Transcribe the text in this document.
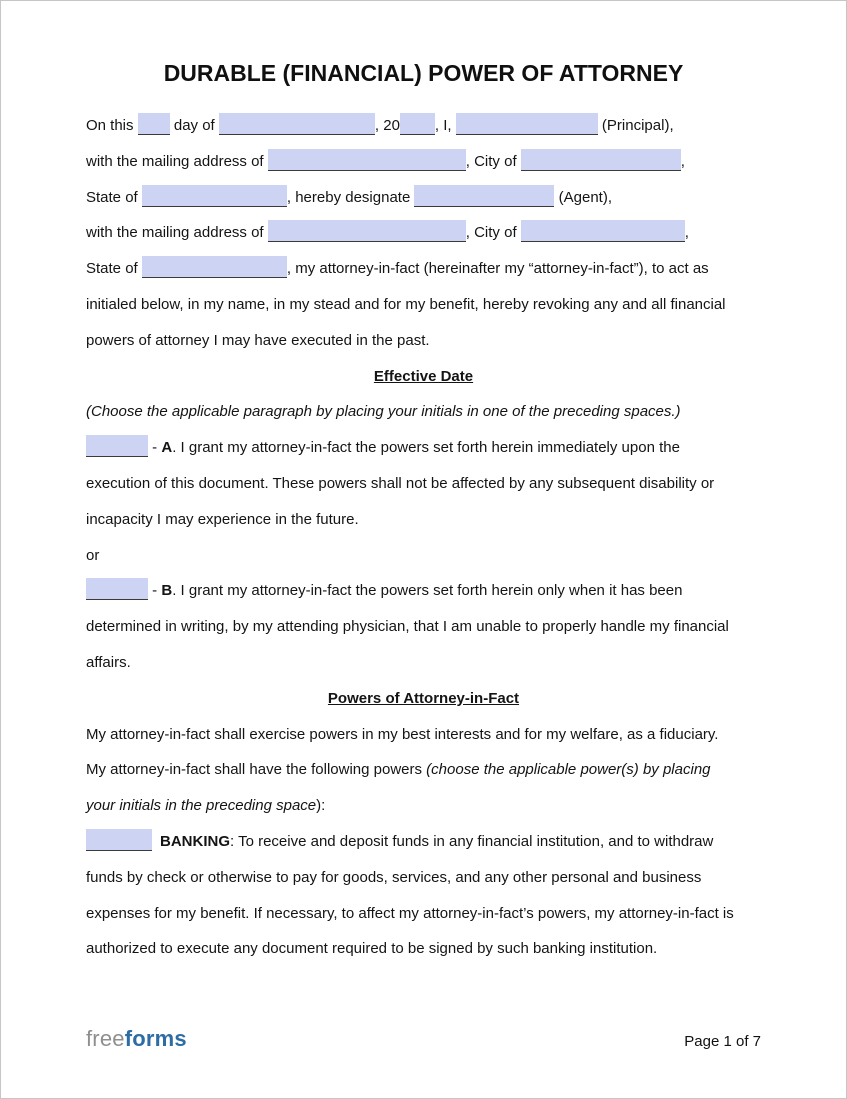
DURABLE (FINANCIAL) POWER OF ATTORNEY
On this  day of	, 20 , I,	(Principal),
with the mailing address of	, City of	,
State of	, hereby designate	(Agent),
with the mailing address of	, City of	,
State of	, my attorney-in-fact (hereinafter my “attorney-in-fact”), to act as
initialed below, in my name, in my stead and for my benefit, hereby revoking any and all financial
powers of attorney I may have executed in the past.
Effective Date
(Choose the applicable paragraph by placing your initials in one of the preceding spaces.)
- A. I grant my attorney-in-fact the powers set forth herein immediately upon the
execution of this document. These powers shall not be affected by any subsequent disability or
incapacity I may experience in the future.
or
- B. I grant my attorney-in-fact the powers set forth herein only when it has been
determined in writing, by my attending physician, that I am unable to properly handle my financial
affairs.
Powers of Attorney-in-Fact
My attorney-in-fact shall exercise powers in my best interests and for my welfare, as a fiduciary.
My attorney-in-fact shall have the following powers (choose the applicable power(s) by placing
your initials in the preceding space):
BANKING: To receive and deposit funds in any financial institution, and to withdraw
funds by check or otherwise to pay for goods, services, and any other personal and business
expenses for my benefit. If necessary, to affect my attorney-in-fact’s powers, my attorney-in-fact is
authorized to execute any document required to be signed by such banking institution.
freeforms	Page 1 of 7
